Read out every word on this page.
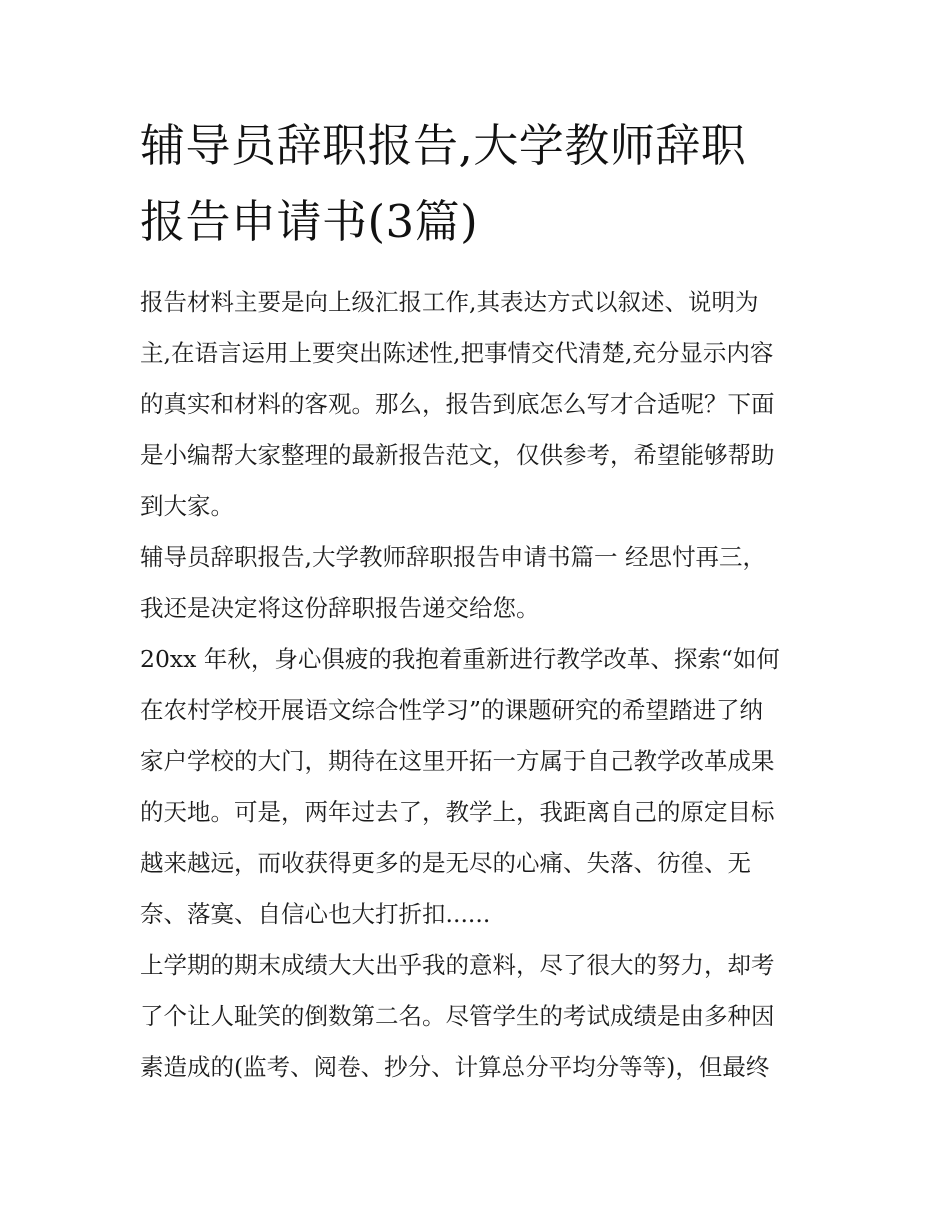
辅导员辞职报告,大学教师辞职
报告申请书(3篇)
报告材料主要是向上级汇报工作,其表达方式以叙述、说明为
主,在语言运用上要突出陈述性,把事情交代清楚,充分显示内容
的真实和材料的客观。那么，报告到底怎么写才合适呢？下面
是小编帮大家整理的最新报告范文，仅供参考，希望能够帮助
到大家。
辅导员辞职报告,大学教师辞职报告申请书篇一 经思忖再三，
我还是决定将这份辞职报告递交给您。
20xx 年秋，身心俱疲的我抱着重新进行教学改革、探索“如何
在农村学校开展语文综合性学习”的课题研究的希望踏进了纳
家户学校的大门，期待在这里开拓一方属于自己教学改革成果
的天地。可是，两年过去了，教学上，我距离自己的原定目标
越来越远，而收获得更多的是无尽的心痛、失落、彷徨、无
奈、落寞、自信心也大打折扣......
上学期的期末成绩大大出乎我的意料，尽了很大的努力，却考
了个让人耻笑的倒数第二名。尽管学生的考试成绩是由多种因
素造成的(监考、阅卷、抄分、计算总分平均分等等)，但最终
